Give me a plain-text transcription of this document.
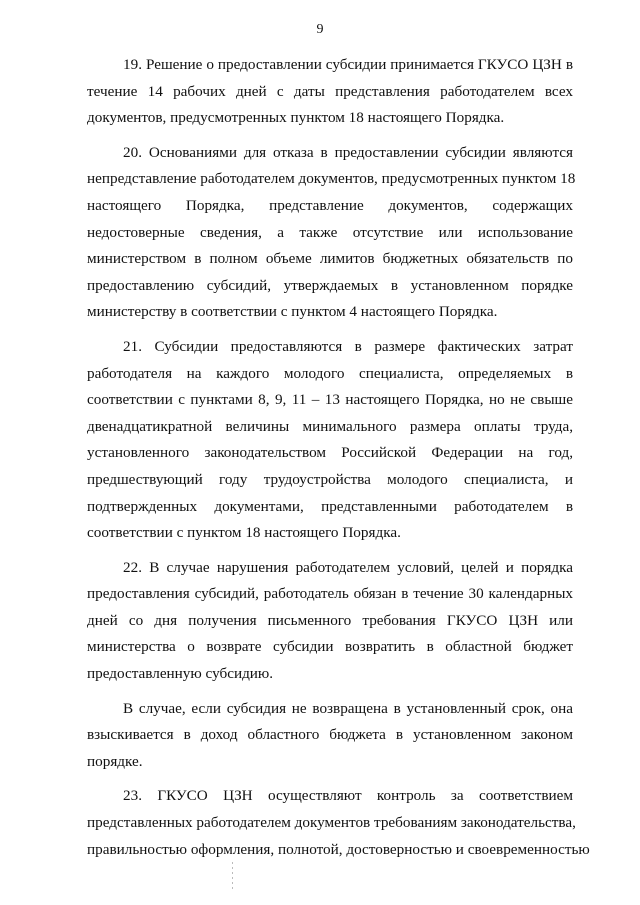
9

19. Решение о предоставлении субсидии принимается ГКУСО ЦЗН в
течение 14 рабочих дней с даты представления работодателем всех
документов, предусмотренных пунктом 18 настоящего Порядка.

20. Основаниями для отказа в предоставлении субсидии являются
непредставление работодателем документов, предусмотренных пунктом 18
настоящего Порядка, представление документов, содержащих
недостоверные сведения, а также отсутствие или использование
министерством в полном объеме лимитов бюджетных обязательств по
предоставлению субсидий, утверждаемых в установленном порядке
министерству в соответствии с пунктом 4 настоящего Порядка.

21. Субсидии предоставляются в размере фактических затрат
работодателя на каждого молодого специалиста, определяемых в
соответствии с пунктами 8, 9, 11 – 13 настоящего Порядка, но не свыше
двенадцатикратной величины минимального размера оплаты труда,
установленного законодательством Российской Федерации на год,
предшествующий году трудоустройства молодого специалиста, и
подтвержденных документами, представленными работодателем в
соответствии с пунктом 18 настоящего Порядка.

22. В случае нарушения работодателем условий, целей и порядка
предоставления субсидий, работодатель обязан в течение 30 календарных
дней со дня получения письменного требования ГКУСО ЦЗН или
министерства о возврате субсидии возвратить в областной бюджет
предоставленную субсидию.

В случае, если субсидия не возвращена в установленный срок, она
взыскивается в доход областного бюджета в установленном законом
порядке.

23. ГКУСО ЦЗН осуществляют контроль за соответствием
представленных работодателем документов требованиям законодательства,
правильностью оформления, полнотой, достоверностью и своевременностью
